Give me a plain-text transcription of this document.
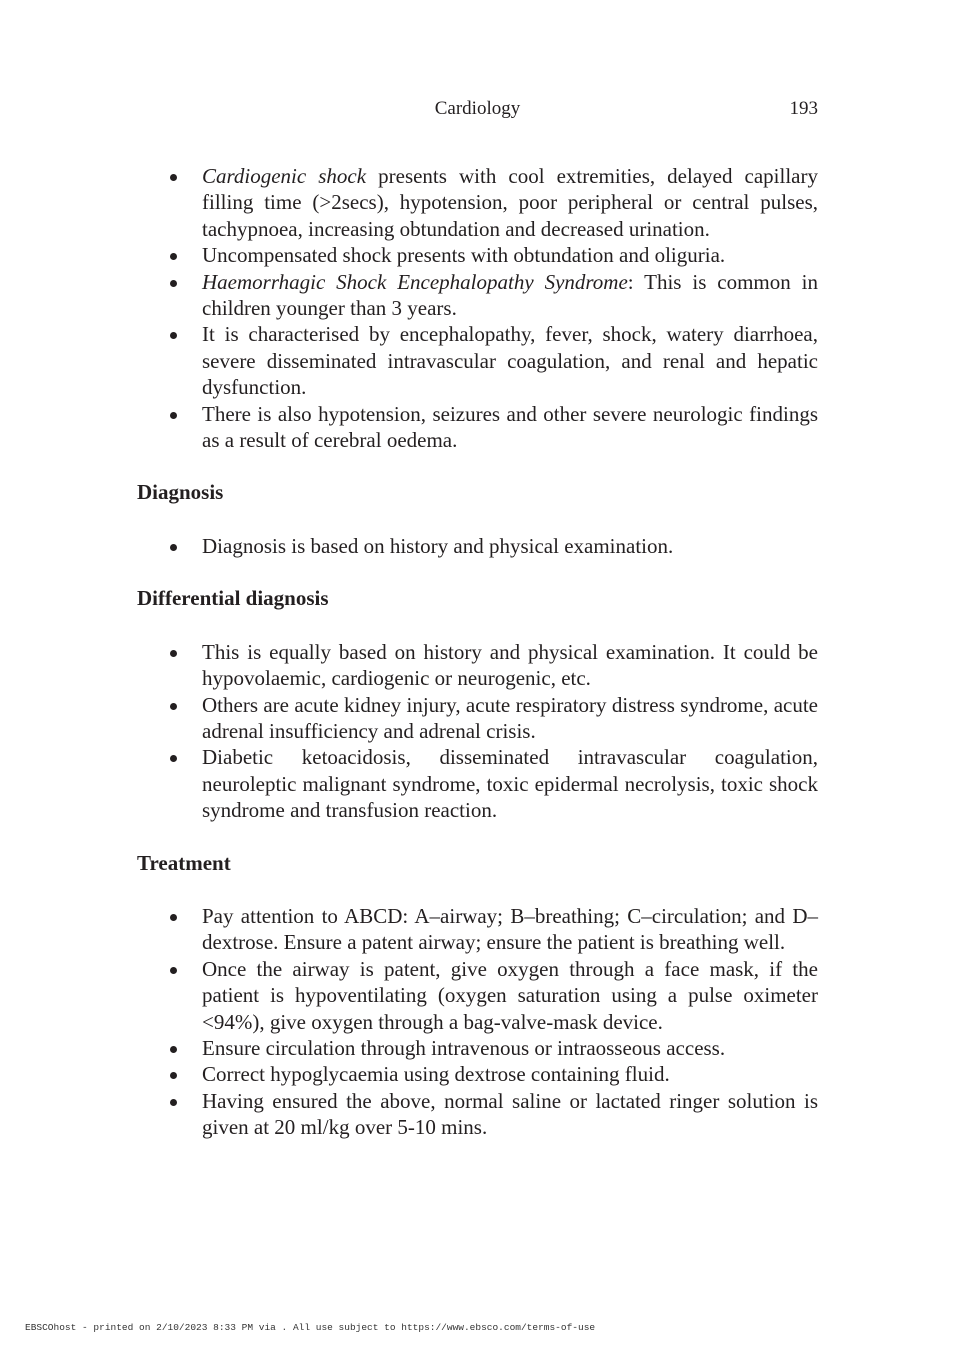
Cardiology	193
Cardiogenic shock presents with cool extremities, delayed capillary filling time (>2secs), hypotension, poor peripheral or central pulses, tachypnoea, increasing obtundation and decreased urination.
Uncompensated shock presents with obtundation and oliguria.
Haemorrhagic Shock Encephalopathy Syndrome: This is common in children younger than 3 years.
It is characterised by encephalopathy, fever, shock, watery diarrhoea, severe disseminated intravascular coagulation, and renal and hepatic dysfunction.
There is also hypotension, seizures and other severe neurologic findings as a result of cerebral oedema.
Diagnosis
Diagnosis is based on history and physical examination.
Differential diagnosis
This is equally based on history and physical examination. It could be hypovolaemic, cardiogenic or neurogenic, etc.
Others are acute kidney injury, acute respiratory distress syndrome, acute adrenal insufficiency and adrenal crisis.
Diabetic ketoacidosis, disseminated intravascular coagulation, neuroleptic malignant syndrome, toxic epidermal necrolysis, toxic shock syndrome and transfusion reaction.
Treatment
Pay attention to ABCD: A–airway; B–breathing; C–circulation; and D–dextrose. Ensure a patent airway; ensure the patient is breathing well.
Once the airway is patent, give oxygen through a face mask, if the patient is hypoventilating (oxygen saturation using a pulse oximeter <94%), give oxygen through a bag-valve-mask device.
Ensure circulation through intravenous or intraosseous access.
Correct hypoglycaemia using dextrose containing fluid.
Having ensured the above, normal saline or lactated ringer solution is given at 20 ml/kg over 5-10 mins.
EBSCOhost - printed on 2/10/2023 8:33 PM via . All use subject to https://www.ebsco.com/terms-of-use
